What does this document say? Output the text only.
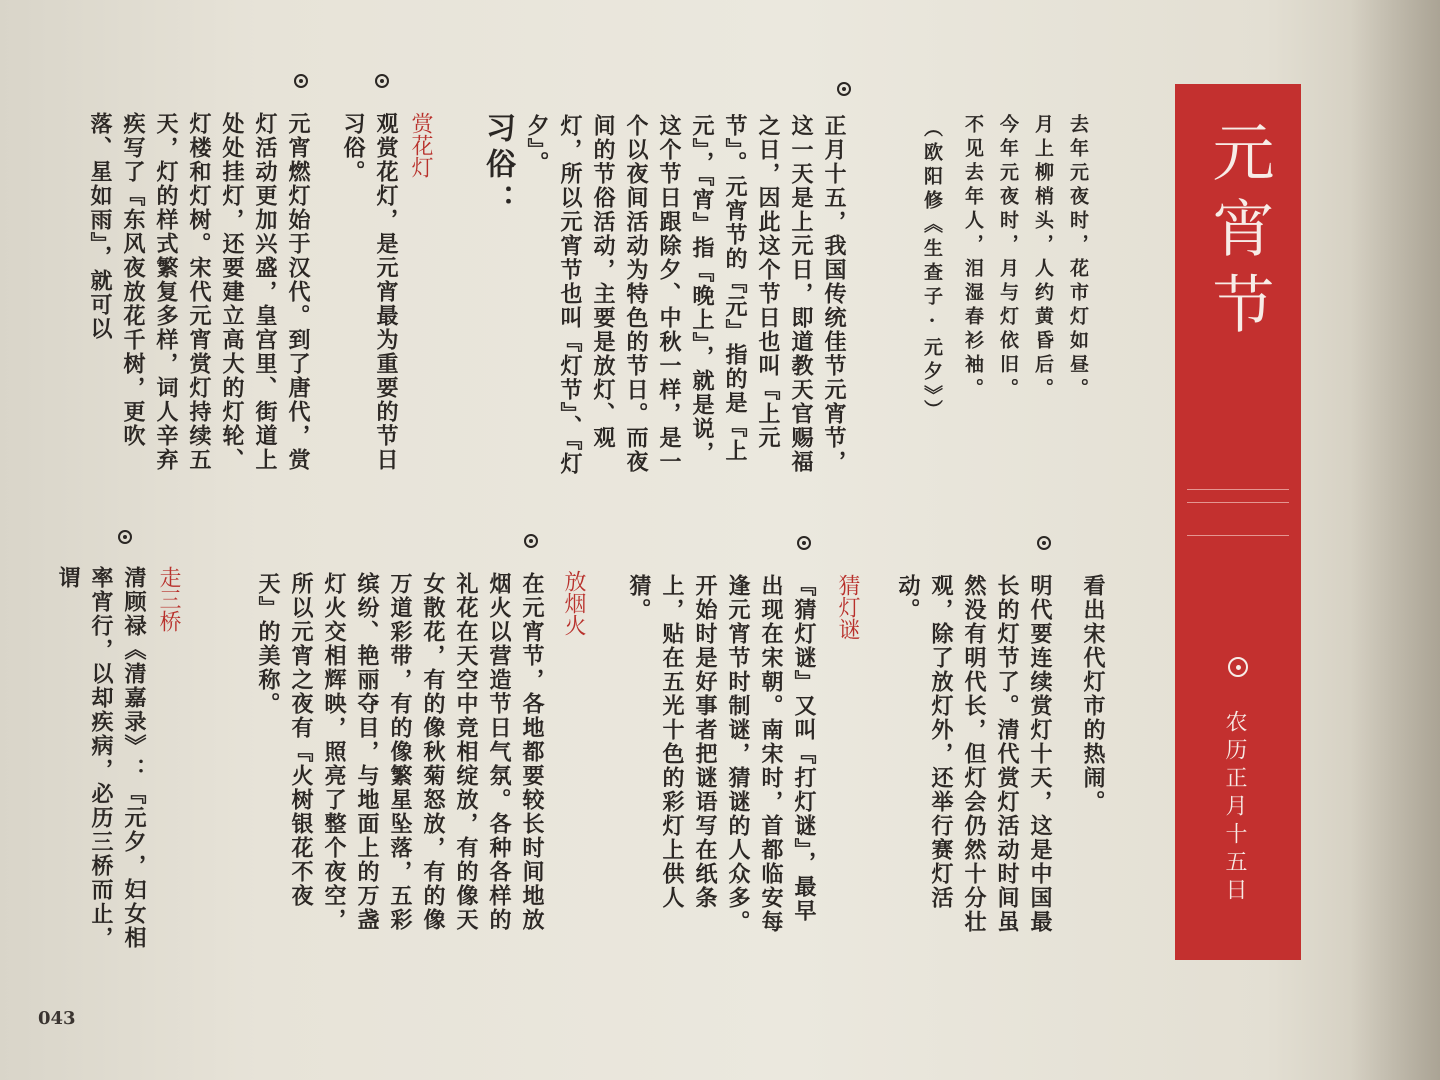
元宵节
农历正月十五日
去年元夜时，花市灯如昼。
月上柳梢头，人约黄昏后。
今年元夜时，月与灯依旧。
不见去年人，泪湿春衫袖。
（欧阳修《生查子·元夕》）
正月十五，我国传统佳节元宵节，这一天是上元日，即道教天官赐福之日，因此这个节日也叫『上元节』。元宵节的『元』指的是『上元』，『宵』指『晚上』，就是说，这个节日跟除夕、中秋一样，是一个以夜间活动为特色的节日。而夜间的节俗活动，主要是放灯、观灯，所以元宵节也叫『灯节』、『灯夕』。
习俗：
赏花灯
观赏花灯，是元宵最为重要的节日习俗。
元宵燃灯始于汉代。到了唐代，赏灯活动更加兴盛，皇宫里、街道上处处挂灯，还要建立高大的灯轮、灯楼和灯树。宋代元宵赏灯持续五天，灯的样式繁复多样，词人辛弃疾写了『东风夜放花千树，更吹落、星如雨』，就可以
看出宋代灯市的热闹。
明代要连续赏灯十天，这是中国最长的灯节了。清代赏灯活动时间虽然没有明代长，但灯会仍然十分壮观，除了放灯外，还举行赛灯活动。
猜灯谜
『猜灯谜』又叫『打灯谜』，最早出现在宋朝。南宋时，首都临安每逢元宵节时制谜，猜谜的人众多。开始时是好事者把谜语写在纸条上，贴在五光十色的彩灯上供人猜。
放烟火
在元宵节，各地都要较长时间地放烟火以营造节日气氛。各种各样的礼花在天空中竞相绽放，有的像天女散花，有的像秋菊怒放，有的像万道彩带，有的像繁星坠落，五彩缤纷、艳丽夺目，与地面上的万盏灯火交相辉映，照亮了整个夜空，所以元宵之夜有『火树银花不夜天』的美称。
走三桥
清顾禄《清嘉录》：『元夕，妇女相率宵行，以却疾病，必历三桥而止，谓
043
